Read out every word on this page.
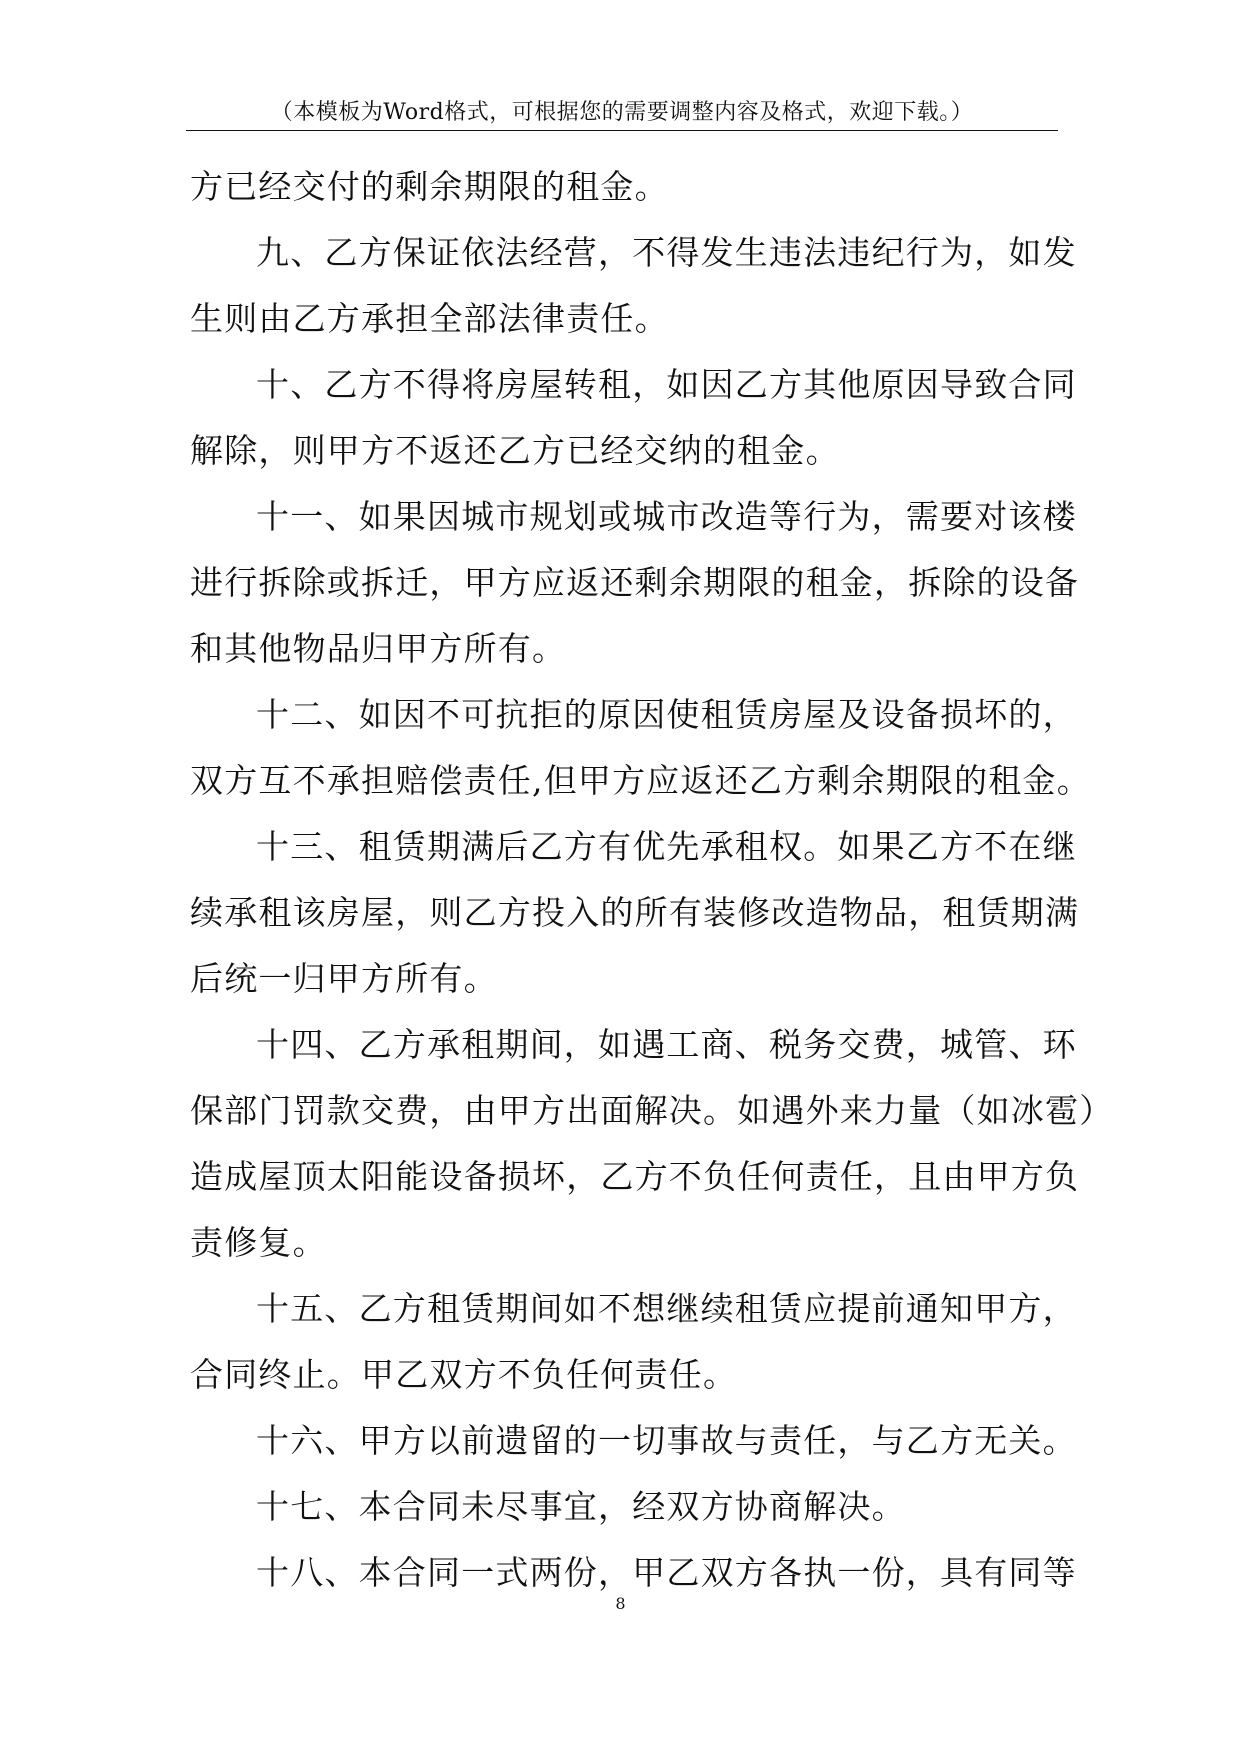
（本模板为Word格式，可根据您的需要调整内容及格式，欢迎下载。）
方已经交付的剩余期限的租金。
九、乙方保证依法经营，不得发生违法违纪行为，如发
生则由乙方承担全部法律责任。
十、乙方不得将房屋转租，如因乙方其他原因导致合同
解除，则甲方不返还乙方已经交纳的租金。
十一、如果因城市规划或城市改造等行为，需要对该楼
进行拆除或拆迁，甲方应返还剩余期限的租金，拆除的设备
和其他物品归甲方所有。
十二、如因不可抗拒的原因使租赁房屋及设备损坏的，
双方互不承担赔偿责任,但甲方应返还乙方剩余期限的租金。
十三、租赁期满后乙方有优先承租权。如果乙方不在继
续承租该房屋，则乙方投入的所有装修改造物品，租赁期满
后统一归甲方所有。
十四、乙方承租期间，如遇工商、税务交费，城管、环
保部门罚款交费，由甲方出面解决。如遇外来力量（如冰雹）
造成屋顶太阳能设备损坏，乙方不负任何责任，且由甲方负
责修复。
十五、乙方租赁期间如不想继续租赁应提前通知甲方，
合同终止。甲乙双方不负任何责任。
十六、甲方以前遗留的一切事故与责任，与乙方无关。
十七、本合同未尽事宜，经双方协商解决。
十八、本合同一式两份，甲乙双方各执一份，具有同等
8
